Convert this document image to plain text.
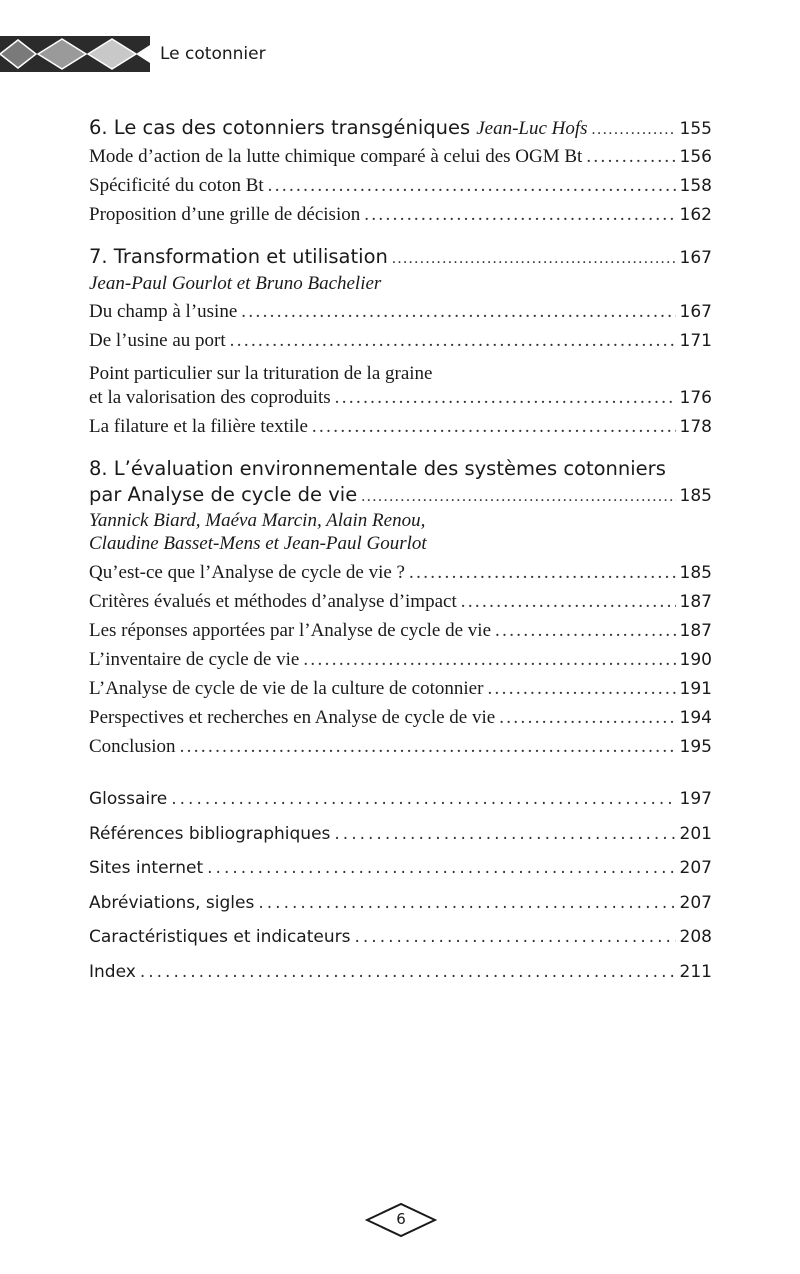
Le cotonnier
6. Le cas des cotonniers transgéniques Jean-Luc Hofs . . .	155
Mode d’action de la lutte chimique comparé à celui des OGM Bt . . .	156
Spécificité du coton Bt . . .	158
Proposition d’une grille de décision . . .	162
7. Transformation et utilisation . . .	167
Jean-Paul Gourlot et Bruno Bachelier
Du champ à l’usine . . .	167
De l’usine au port . . .	171
Point particulier sur la trituration de la graine
et la valorisation des coproduits . . .	176
La filature et la filière textile . . .	178
8. L’évaluation environnementale des systèmes cotonniers
par Analyse de cycle de vie . . .	185
Yannick Biard, Maéva Marcin, Alain Renou,
Claudine Basset-Mens et Jean-Paul Gourlot
Qu’est-ce que l’Analyse de cycle de vie ? . . .	185
Critères évalués et méthodes d’analyse d’impact . . .	187
Les réponses apportées par l’Analyse de cycle de vie . . .	187
L’inventaire de cycle de vie . . .	190
L’Analyse de cycle de vie de la culture de cotonnier . . .	191
Perspectives et recherches en Analyse de cycle de vie . . .	194
Conclusion . . .	195
Glossaire . . .	197
Références bibliographiques . . .	201
Sites internet . . .	207
Abréviations, sigles . . .	207
Caractéristiques et indicateurs . . .	208
Index . . .	211
6
